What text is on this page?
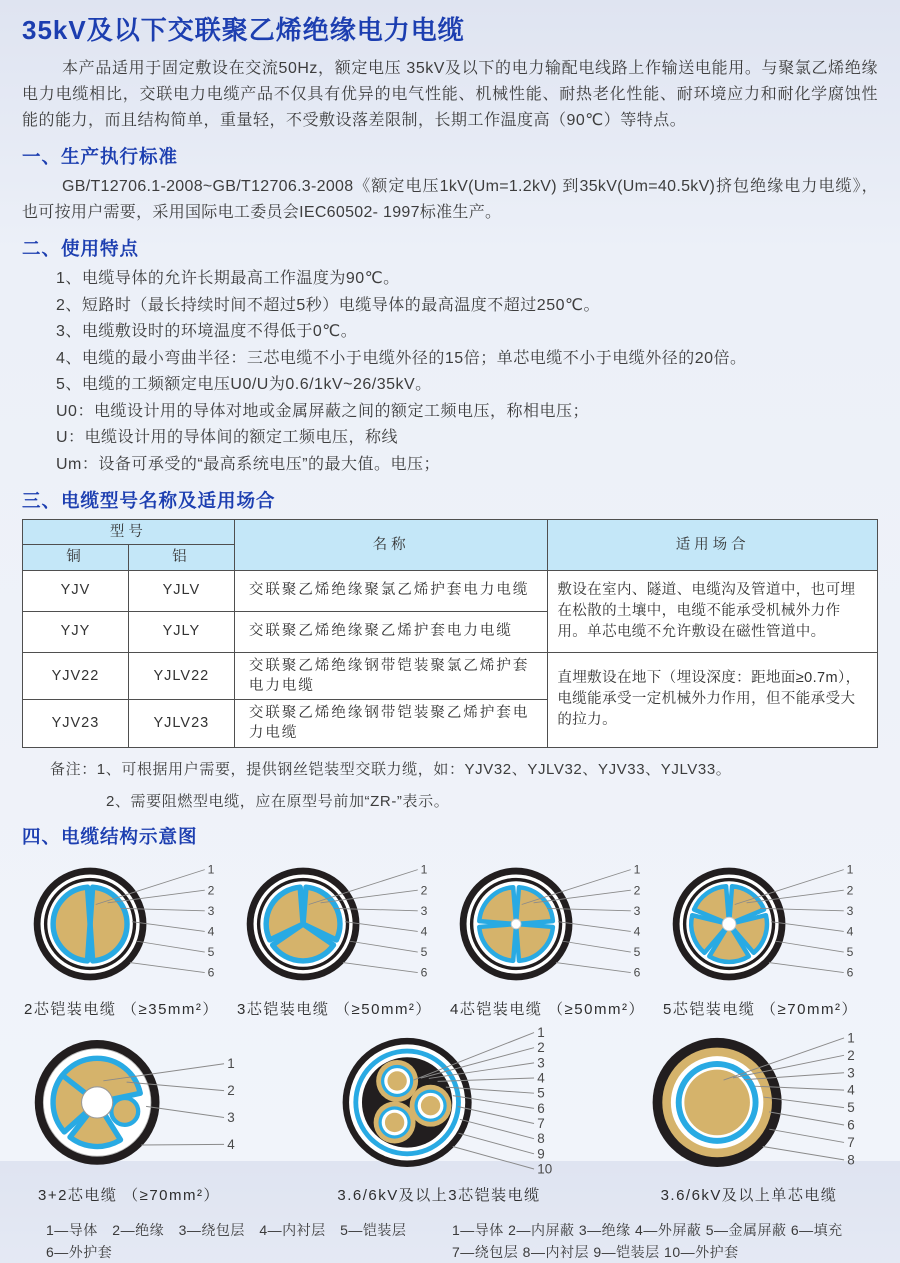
35kV及以下交联聚乙烯绝缘电力电缆

本产品适用于固定敷设在交流50Hz，额定电压 35kV及以下的电力输配电线路上作输送电能用。与聚氯乙烯绝缘电力电缆相比，交联电力电缆产品不仅具有优异的电气性能、机械性能、耐热老化性能、耐环境应力和耐化学腐蚀性能的能力，而且结构简单，重量轻，不受敷设落差限制，长期工作温度高（90℃）等特点。

一、生产执行标准

GB/T12706.1-2008~GB/T12706.3-2008《额定电压1kV(Um=1.2kV) 到35kV(Um=40.5kV)挤包绝缘电力电缆》，也可按用户需要，采用国际电工委员会IEC60502- 1997标准生产。

二、使用特点

1、电缆导体的允许长期最高工作温度为90℃。

2、短路时（最长持续时间不超过5秒）电缆导体的最高温度不超过250℃。

3、电缆敷设时的环境温度不得低于0℃。

4、电缆的最小弯曲半径：三芯电缆不小于电缆外径的15倍；单芯电缆不小于电缆外径的20倍。

5、电缆的工频额定电压U0/U为0.6/1kV~26/35kV。

U0：电缆设计用的导体对地或金属屏蔽之间的额定工频电压，称相电压；

U：电缆设计用的导体间的额定工频电压，称线

Um：设备可承受的“最高系统电压”的最大值。电压；

三、电缆型号名称及适用场合
型号		名称	适用场合
铜	铝		
YJV	YJLV	交联聚乙烯绝缘聚氯乙烯护套电力电缆	敷设在室内、隧道、电缆沟及管道中，也可埋在松散的土壤中，电缆不能承受机械外力作用。单芯电缆不允许敷设在磁性管道中。
YJY	YJLY	交联聚乙烯绝缘聚乙烯护套电力电缆	
YJV22	YJLV22	交联聚乙烯绝缘钢带铠装聚氯乙烯护套电力电缆	直埋敷设在地下（埋设深度：距地面≥0.7m），电缆能承受一定机械外力作用，但不能承受大的拉力。
YJV23	YJLV23	交联聚乙烯绝缘钢带铠装聚乙烯护套电力电缆	

备注：1、可根据用户需要，提供钢丝铠装型交联力缆，如：YJV32、YJLV32、YJV33、YJLV33。

2、需要阻燃型电缆，应在原型号前加“ZR-”表示。

四、电缆结构示意图
1
2
3
4
5
6
2芯铠装电缆 （≥35mm²）
1
2
3
4
5
6
3芯铠装电缆 （≥50mm²）
1
2
3
4
5
6
4芯铠装电缆 （≥50mm²）
1
2
3
4
5
6
5芯铠装电缆 （≥70mm²）
1
2
3
4
3+2芯电缆 （≥70mm²）
1
2
3
4
5
6
7
8
9
10
3.6/6kV及以上3芯铠装电缆
1
2
3
4
5
6
7
8
3.6/6kV及以上单芯电缆

1—导体　2—绝缘　3—绕包层　4—内衬层　5—铠装层

6—外护套

1—导体 2—内屏蔽 3—绝缘 4—外屏蔽 5—金属屏蔽 6—填充

7—绕包层 8—内衬层 9—铠装层 10—外护套
